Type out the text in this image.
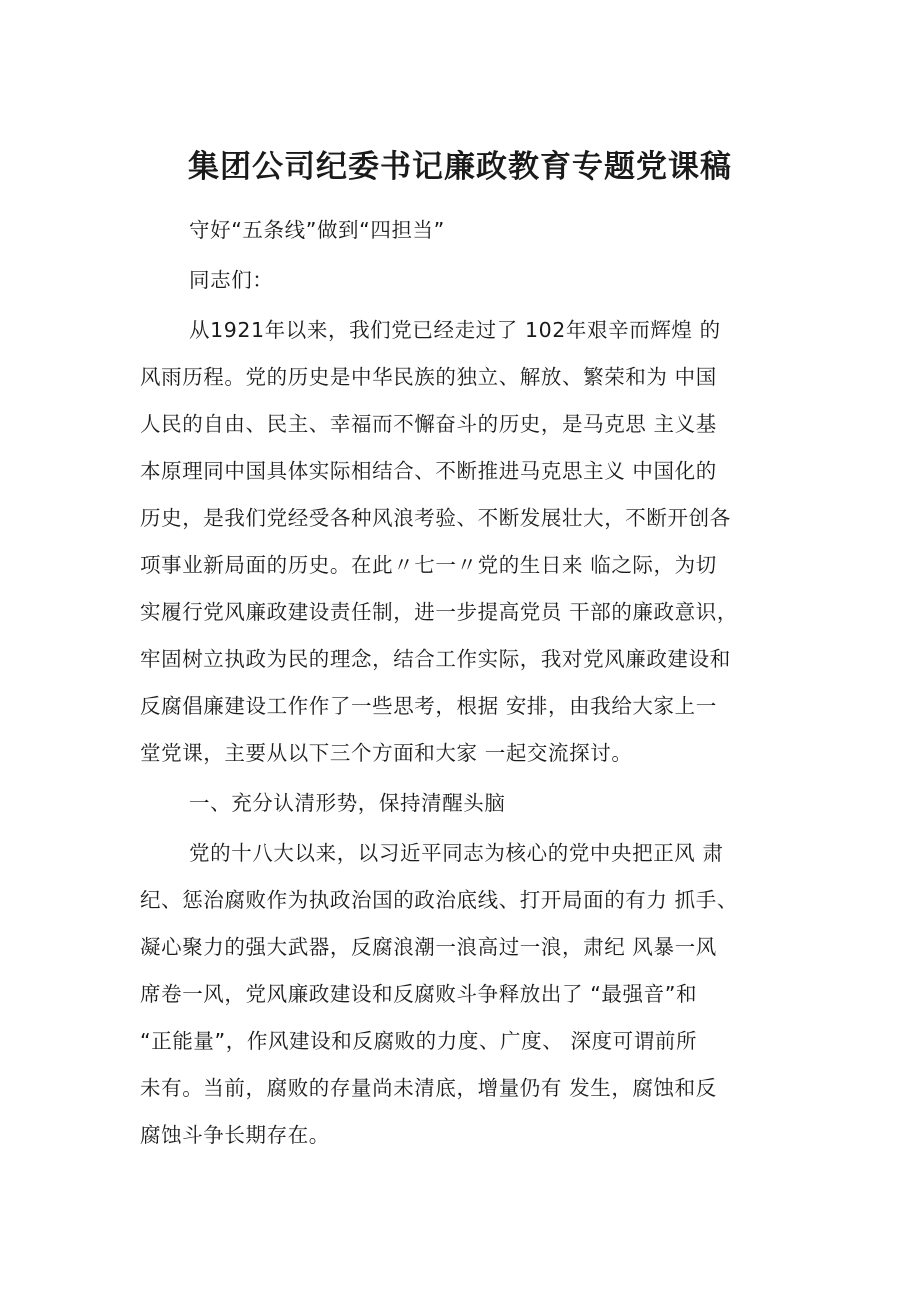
集团公司纪委书记廉政教育专题党课稿
守好“五条线”做到“四担当”
同志们：
从1921年以来，我们党已经走过了 102年艰辛而辉煌 的
风雨历程。党的历史是中华民族的独立、解放、繁荣和为 中国
人民的自由、民主、幸福而不懈奋斗的历史，是马克思 主义基
本原理同中国具体实际相结合、不断推进马克思主义 中国化的
历史，是我们党经受各种风浪考验、不断发展壮大，不断开创各
项事业新局面的历史。在此〃七一〃党的生日来 临之际，为切
实履行党风廉政建设责任制，进一步提高党员 干部的廉政意识，
牢固树立执政为民的理念，结合工作实际，我对党风廉政建设和
反腐倡廉建设工作作了一些思考，根据 安排，由我给大家上一
堂党课，主要从以下三个方面和大家 一起交流探讨。
一、充分认清形势，保持清醒头脑
党的十八大以来，以习近平同志为核心的党中央把正风 肃
纪、惩治腐败作为执政治国的政治底线、打开局面的有力 抓手、
凝心聚力的强大武器，反腐浪潮一浪高过一浪，肃纪 风暴一风
席卷一风，党风廉政建设和反腐败斗争释放出了 “最强音”和
“正能量”，作风建设和反腐败的力度、广度、 深度可谓前所
未有。当前，腐败的存量尚未清底，增量仍有 发生，腐蚀和反
腐蚀斗争长期存在。
